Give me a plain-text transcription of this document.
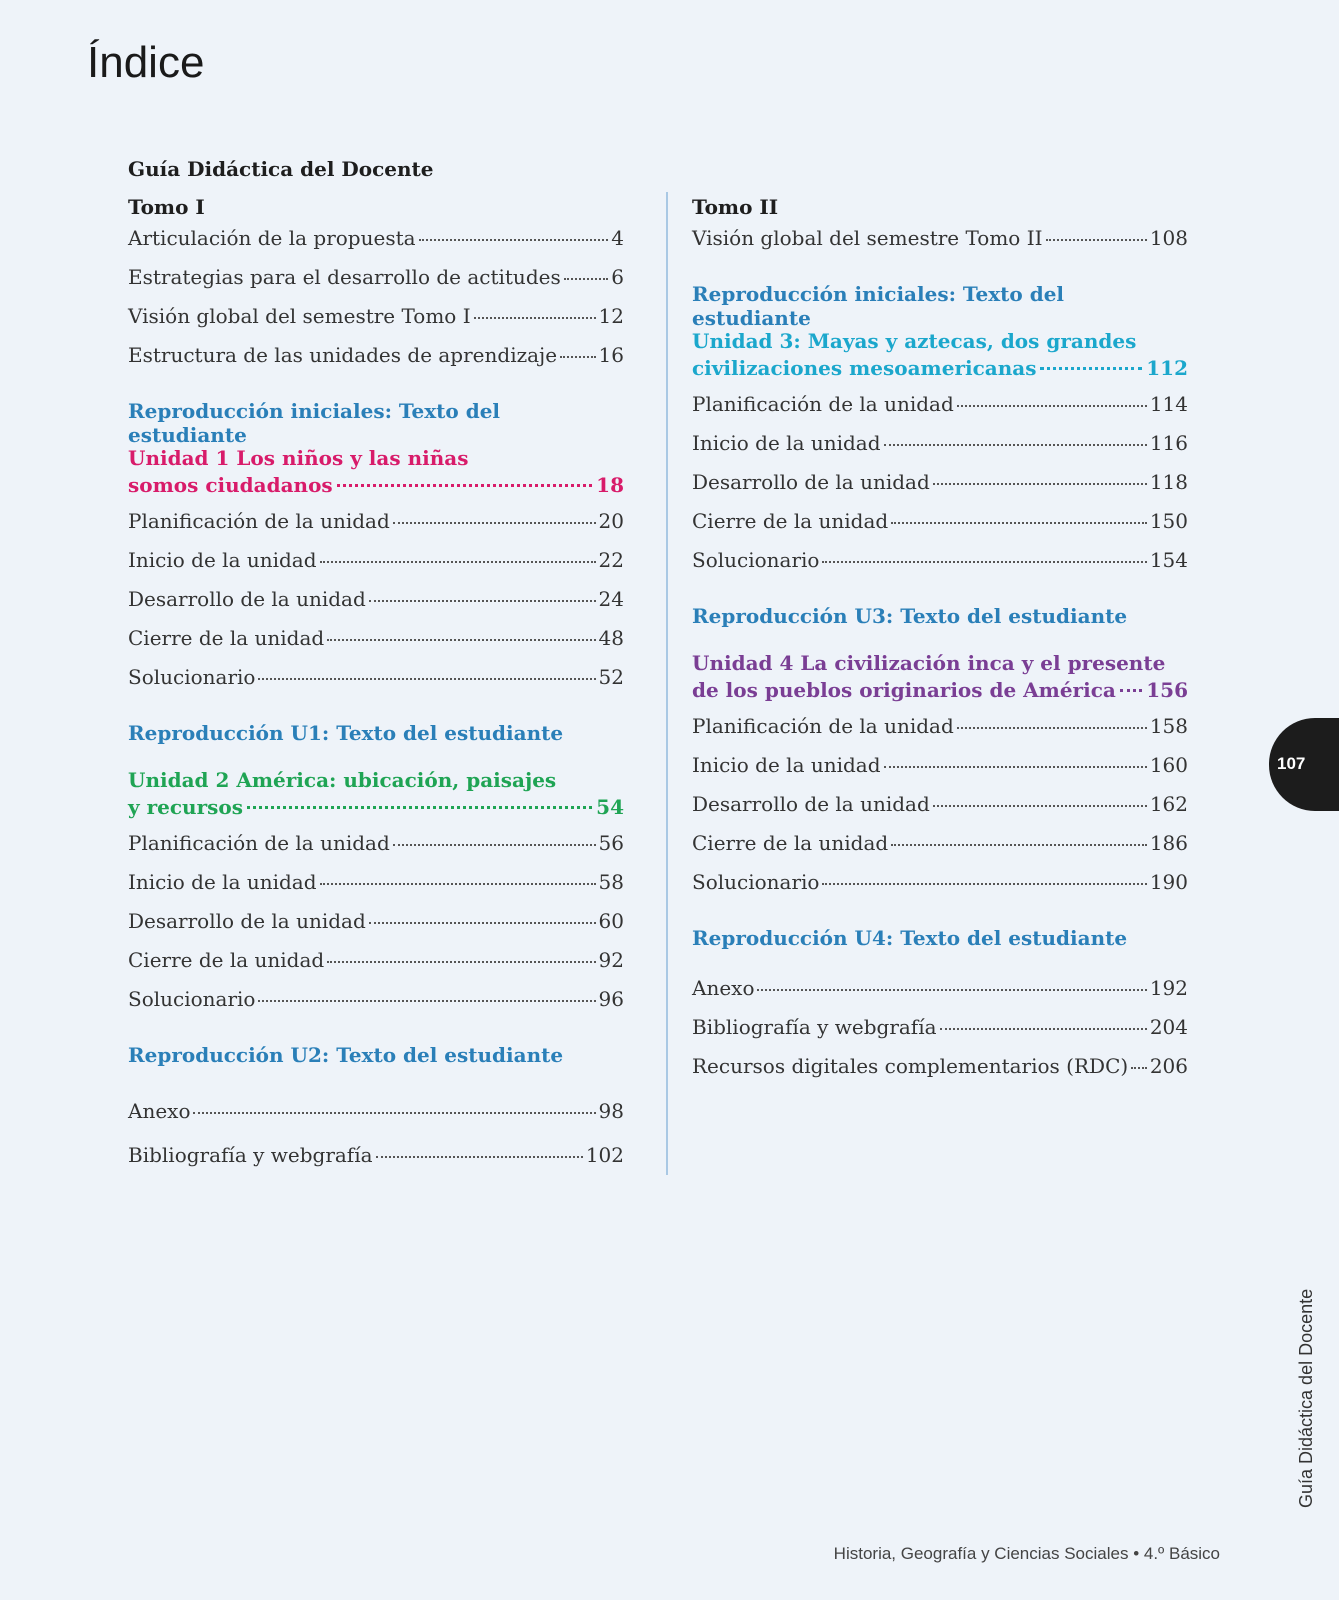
Índice
Guía Didáctica del Docente
Tomo I
Articulación de la propuesta	4
Estrategias para el desarrollo de actitudes	6
Visión global del semestre Tomo I	12
Estructura de las unidades de aprendizaje 16
Reproducción iniciales: Texto del estudiante
Unidad 1 Los niños y las niñas
somos ciudadanos	18
Planificación de la unidad	20
Inicio de la unidad	22
Desarrollo de la unidad	24
Cierre de la unidad	48
Solucionario	52
Reproducción U1: Texto del estudiante
Unidad 2 América: ubicación, paisajes
y recursos	54
Planificación de la unidad	56
Inicio de la unidad	58
Desarrollo de la unidad	60
Cierre de la unidad	92
Solucionario	96
Reproducción U2: Texto del estudiante
Anexo	98
Bibliografía y webgrafía	102
Tomo II
Visión global del semestre Tomo II	108
Reproducción iniciales: Texto del estudiante
Unidad 3: Mayas y aztecas, dos grandes
civilizaciones mesoamericanas	112
Planificación de la unidad	114
Inicio de la unidad	116
Desarrollo de la unidad	118
Cierre de la unidad	150
Solucionario	154
Reproducción U3: Texto del estudiante
Unidad 4 La civilización inca y el presente
de los pueblos originarios de América 156
Planificación de la unidad	158
Inicio de la unidad	160
Desarrollo de la unidad	162
Cierre de la unidad	186
Solucionario	190
Reproducción U4: Texto del estudiante
Anexo	192
Bibliografía y webgrafía	204
Recursos digitales complementarios (RDC) 206
107
Guía Didáctica del Docente
Historia, Geografía y Ciencias Sociales • 4.º Básico
